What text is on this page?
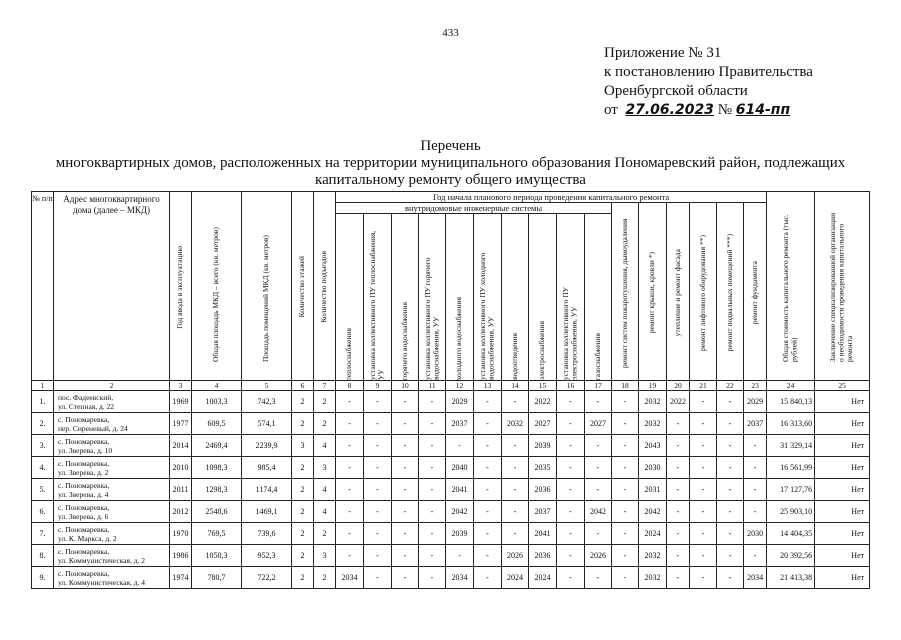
433
Приложение № 31
к постановлению Правительства
Оренбургской области
от 27.06.2023 № 614-пп
Перечень
многоквартирных домов, расположенных на территории муниципального образования Пономаревский район, подлежащих
капитальному ремонту общего имущества
№ п/п	Адрес многоквартирного дома (далее – МКД)	Год ввода в эксплуатацию	Общая площадь МКД – всего (кв. метров)	Площадь помещений МКД (кв. метров)	Количество этажей	Количество подъездов	Год начала планового периода проведения капитального ремонта																Общая стоимость капитального ремонта (тыс. рублей)	Заключение специализированной организации о необходимости проведения капитального ремонта

							внутридомовые инженерные системы										ремонт систем пожаротушения, дымоудаления	ремонт крыши, кровли *)	утепление и ремонт фасада	ремонт лифтового оборудования **)	ремонт подвальных помещений ***)	ремонт фундамента		

							теплоснабжения	установка коллективного ПУ теплоснабжения, УУ	горячего водоснабжения	установка коллективного ПУ горячего водоснабжения, УУ	холодного водоснабжения	установка коллективного ПУ холодного водоснабжения, УУ	водоотведения	электроснабжения	установка коллективного ПУ электроснабжения, УУ	газоснабжения								

1	2	3	4	5	6	7	8	9	10	11	12	13	14	15	16	17	18	19	20	21	22	23	24	25
1.	пос. Фадеевский,
ул. Степная, д. 22	1969	1003,3	742,3	2	2	-	-	-	-	2029	-	-	2022	-	-	-	2032	2022	-	-	2029	15 840,13	Нет
2.	с. Пономаревка,
пер. Сиреневый, д. 24	1977	609,5	574,1	2	2	-	-	-	-	2037	-	2032	2027	-	2027	-	2032	-	-	-	2037	16 313,60	Нет
3.	с. Пономаревка,
ул. Зверева, д. 10	2014	2469,4	2239,9	3	4	-	-	-	-	-	-	-	2039	-	-	-	2043	-	-	-	-	31 329,14	Нет
4.	с. Пономаревка,
ул. Зверева, д. 2	2010	1098,3	985,4	2	3	-	-	-	-	2040	-	-	2035	-	-	-	2030	-	-	-	-	16 561,99	Нет
5.	с. Пономаревка,
ул. Зверева, д. 4	2011	1298,3	1174,4	2	4	-	-	-	-	2041	-	-	2036	-	-	-	2031	-	-	-	-	17 127,76	Нет
6.	с. Пономаревка,
ул. Зверева, д. 6	2012	2548,6	1469,1	2	4	-	-	-	-	2042	-	-	2037	-	2042	-	2042	-	-	-	-	25 903,10	Нет
7.	с. Пономаревка,
ул. К. Маркса, д. 2	1970	769,5	739,6	2	2	-	-	-	-	2039	-	-	2041	-	-	-	2024	-	-	-	2030	14 404,35	Нет
8.	с. Пономаревка,
ул. Коммунистическая, д. 2	1986	1050,3	952,3	2	3	-	-	-	-	-	-	2026	2036	-	2026	-	2032	-	-	-	-	20 392,56	Нет
9.	с. Пономаревка,
ул. Коммунистическая, д. 4	1974	780,7	722,2	2	2	2034	-	-	-	2034	-	2024	2024	-	-	-	2032	-	-	-	2034	21 413,38	Нет
